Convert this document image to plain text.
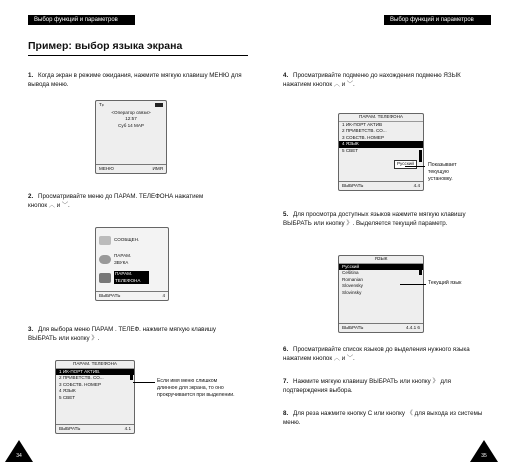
Выбор функций и параметров	Выбор функций и параметров
Пример: выбор языка экрана
1. Когда экран в режиме ожидания, нажмите мягкую клавишу МЕНЮ для вывода меню.
Tᵢₗₗ
<Оператор связи>
12:57
Суб 14 МАР
МЕНЮ	ИМЯ
2. Просматривайте меню до ПАРАМ. ТЕЛЕФОНА нажатием кнопок ︿ и ﹀.
СООБЩЕН.
ПАРАМ. ЗВУКА
ПАРАМ. ТЕЛЕФОНА
ВЫБРАТЬ	4
3. Для выбора меню ПАРАМ . ТЕЛЕФ. нажмите мягкую клавишу ВЫБРАТЬ или кнопку 》.
ПАРАМ. ТЕЛЕФОНА
1 ИК-ПОРТ АКТИВ.
2 ПРИВЕТСТВ. СО...
3 СОБСТВ. НОМЕР
4 ЯЗЫК
5 СВЕТ
ВЫБРАТЬ	4.1
Если имя меню слишком длинное для экрана, то оно прокручивается при выделении.
34
4. Просматривайте подменю до нахождения подменю ЯЗЫК нажатием кнопок ︿ и ﹀.
ПАРАМ. ТЕЛЕФОНА
1 ИК-ПОРТ АКТИВ
2 ПРИВЕТСТВ. СО...
3 СОБСТВ. НОМЕР
4 ЯЗЫК
5 СВЕТ
Русский
ВЫБРАТЬ	4.4
Показывает текущую установку.
5. Для просмотра доступных языков нажмите мягкую клавишу ВЫБРАТЬ или кнопку 》. Выделяется текущий параметр.
ЯЗЫК
Русский
Cešitina
Romanian
Slovensky
Slovinsky
ВЫБРАТЬ	4.4.1 6
Текущий язык
6. Просматривайте список языков до выделения нужного языка нажатием кнопок ︿ и ﹀.
7. Нажмите мягкую клавишу ВЫБРАТЬ или кнопку 》 для подтверждения выбора.
8. Для реза нажмите кнопку C или кнопку 《 для выхода из системы меню.
35
